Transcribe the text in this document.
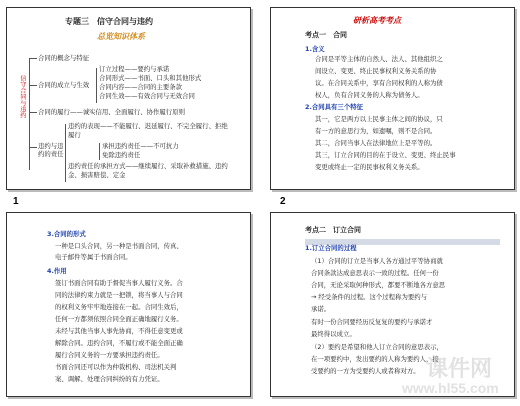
1	2
专题三　信守合同与违约
总览知识体系
信守合同与违约
合同的概念与特征
合同的成立与生效
合同的履行——诚实信用、全面履行、协作履行原则
违约与违约的责任
订立过程——要约与承诺
合同形式——书面、口头和其他形式
合同内容——合同的主要条款
合同生效——有效合同与无效合同
违约的表现——不能履行、迟延履行、不完全履行、拒绝履行
承担违约责任——不可抗力
免除违约责任
违约责任的承担方式——继续履行、采取补救措施、违约金、损害赔偿、定金
研析高考考点
考点一　合同
1.含义
合同是平等主体的自然人、法人、其他组织之
间设立、变更、终止民事权利义务关系的协
议。在合同关系中，享有合同权利的人称为债
权人，负有合同义务的人称为债务人。
2.合同具有三个特征
其一，它是两方以上民事主体之间的协议，只
有一方的意思行为，如遗嘱，则不是合同。
其二，合同当事人在法律地位上是平等的。
其三，订立合同的目的在于设立、变更、终止民事
变更或终止一定的民事权利义务关系。
3.合同的形式
一种是口头合同，另一种是书面合同，传真、
电子邮件等属于书面合同。
4.作用
签订书面合同有助于督促当事人履行义务。合
同的法律约束力就是一把锁，将当事人与合同
的权利义务牢牢地连接在一起。合同生效后，
任何一方都须依照合同全面正确地履行义务。
未经与其他当事人事先协商，不得任意变更或
解除合同。违约合同，不履行或不能全面正确
履行合同义务的一方要承担违约责任。
书面合同还可以作为仲裁机构、司法机关判
案、调解、处理合同纠纷的有力凭证。
考点二　订立合同
1.订立合同的过程
（1）合同的订立是当事人各方通过平等协商就
合同条款达成意思表示一致的过程。任何一份
合同，无论采取何种形式，都要不断地各方意思
→ 经受条件的过程。这个过程称为要约与
承诺。
有时一份合同要经历反复复的要约与承诺才
最终得以成立。
（2）要约是希望和他人订立合同的意思表示，
在一项要约中，发出要约的人称为要约人，接
受要约的一方为受要约人或者称对方。 课件网
www.hl55.com
